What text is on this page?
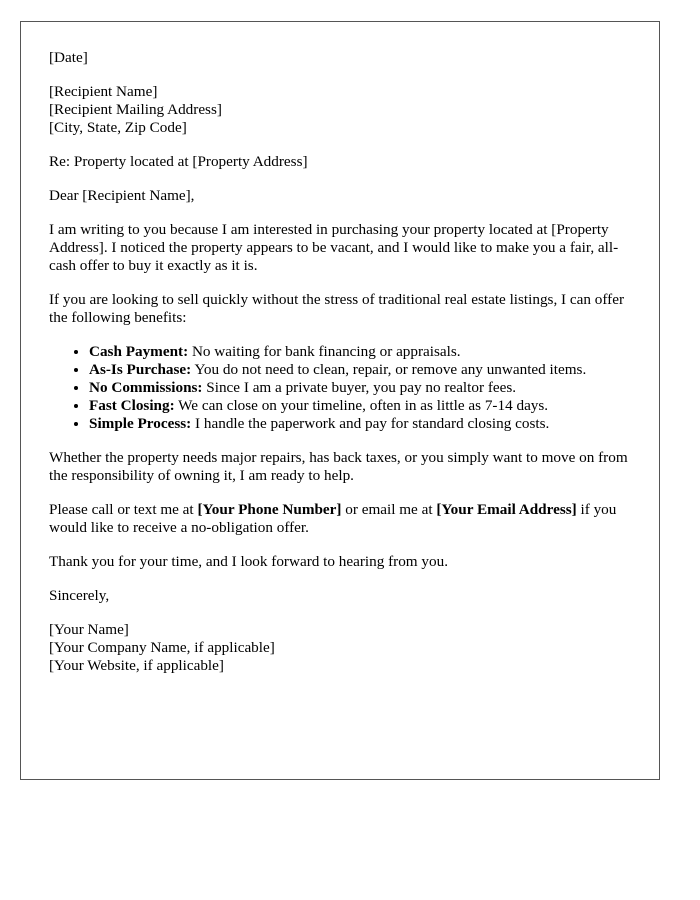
[Date]

[Recipient Name]
[Recipient Mailing Address]
[City, State, Zip Code]

Re: Property located at [Property Address]

Dear [Recipient Name],

I am writing to you because I am interested in purchasing your property located at [Property Address]. I noticed the property appears to be vacant, and I would like to make you a fair, all-cash offer to buy it exactly as it is.

If you are looking to sell quickly without the stress of traditional real estate listings, I can offer the following benefits:

• Cash Payment: No waiting for bank financing or appraisals.
• As-Is Purchase: You do not need to clean, repair, or remove any unwanted items.
• No Commissions: Since I am a private buyer, you pay no realtor fees.
• Fast Closing: We can close on your timeline, often in as little as 7-14 days.
• Simple Process: I handle the paperwork and pay for standard closing costs.

Whether the property needs major repairs, has back taxes, or you simply want to move on from the responsibility of owning it, I am ready to help.

Please call or text me at [Your Phone Number] or email me at [Your Email Address] if you would like to receive a no-obligation offer.

Thank you for your time, and I look forward to hearing from you.

Sincerely,

[Your Name]
[Your Company Name, if applicable]
[Your Website, if applicable]
